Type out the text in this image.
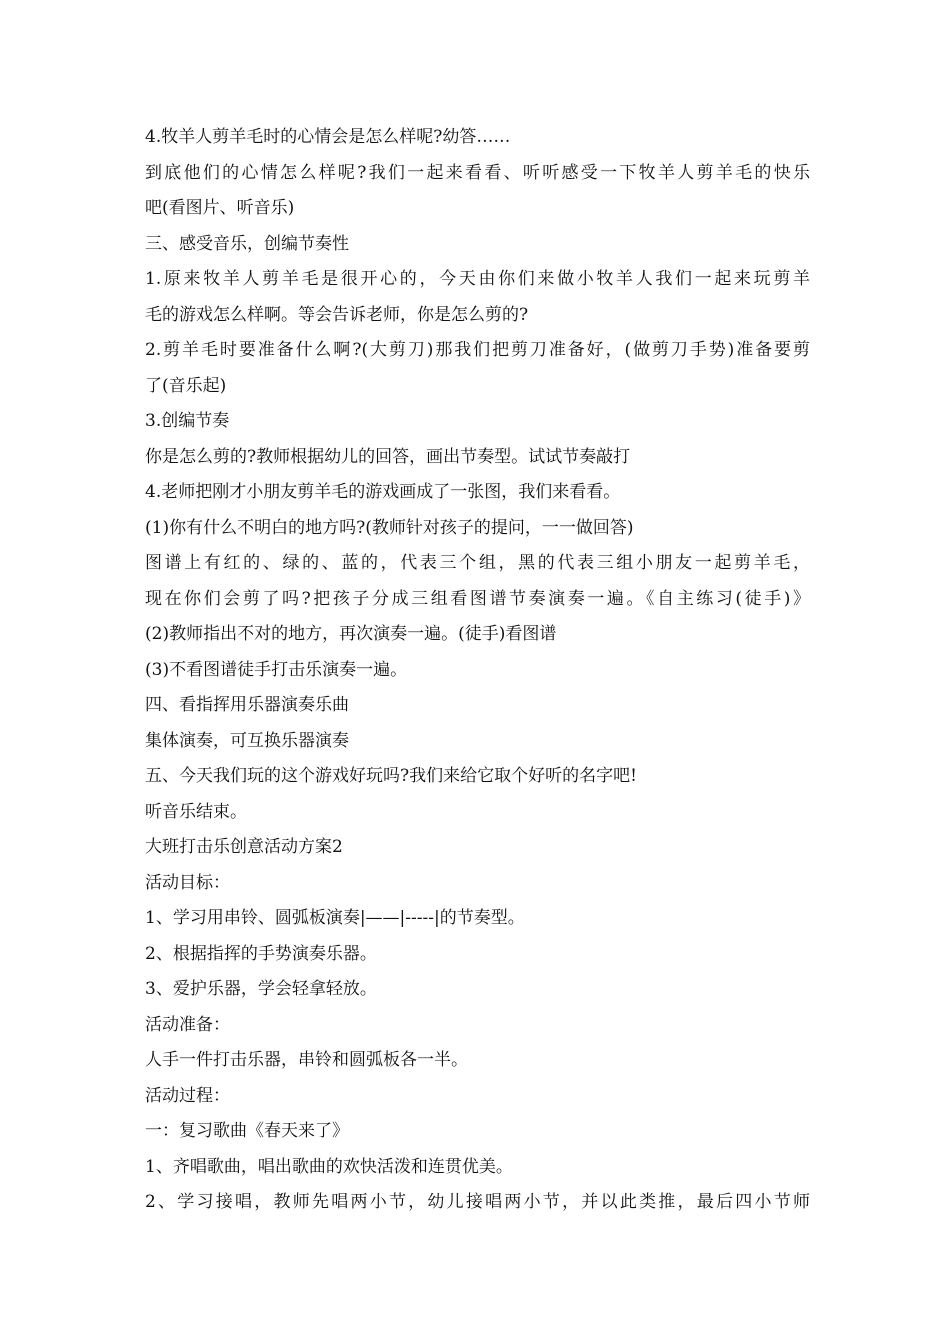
4.牧羊人剪羊毛时的心情会是怎么样呢?幼答……
到底他们的心情怎么样呢?我们一起来看看、听听感受一下牧羊人剪羊毛的快乐
吧(看图片、听音乐)
三、感受音乐，创编节奏性
1.原来牧羊人剪羊毛是很开心的，今天由你们来做小牧羊人我们一起来玩剪羊
毛的游戏怎么样啊。等会告诉老师，你是怎么剪的?
2.剪羊毛时要准备什么啊?(大剪刀)那我们把剪刀准备好，(做剪刀手势)准备要剪
了(音乐起)
3.创编节奏
你是怎么剪的?教师根据幼儿的回答，画出节奏型。试试节奏敲打
4.老师把刚才小朋友剪羊毛的游戏画成了一张图，我们来看看。
(1)你有什么不明白的地方吗?(教师针对孩子的提问，一一做回答)
图谱上有红的、绿的、蓝的，代表三个组，黑的代表三组小朋友一起剪羊毛，
现在你们会剪了吗?把孩子分成三组看图谱节奏演奏一遍。《自主练习(徒手)》
(2)教师指出不对的地方，再次演奏一遍。(徒手)看图谱
(3)不看图谱徒手打击乐演奏一遍。
四、看指挥用乐器演奏乐曲
集体演奏，可互换乐器演奏
五、今天我们玩的这个游戏好玩吗?我们来给它取个好听的名字吧!
听音乐结束。
大班打击乐创意活动方案2
活动目标：
1、学习用串铃、圆弧板演奏|——|-----|的节奏型。
2、根据指挥的手势演奏乐器。
3、爱护乐器，学会轻拿轻放。
活动准备：
人手一件打击乐器，串铃和圆弧板各一半。
活动过程：
一：复习歌曲《春天来了》
1、齐唱歌曲，唱出歌曲的欢快活泼和连贯优美。
2、学习接唱，教师先唱两小节，幼儿接唱两小节，并以此类推，最后四小节师
